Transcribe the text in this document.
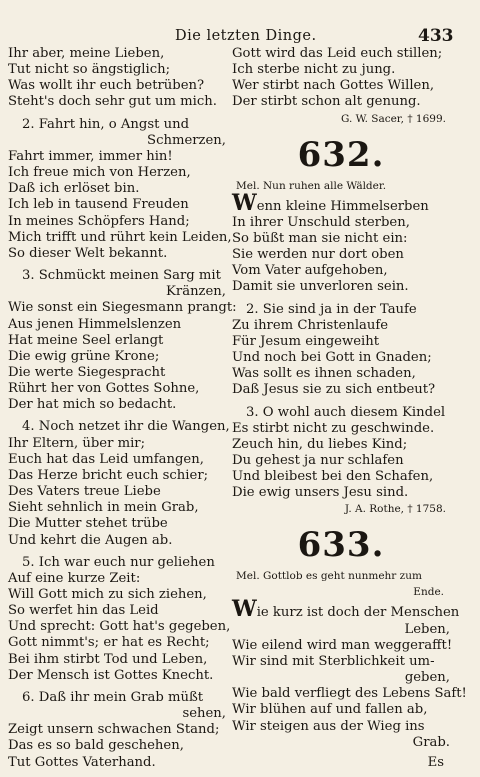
Die letzten Dinge.	433
Ihr aber, meine Lieben,
Tut nicht so ängstiglich;
Was wollt ihr euch betrüben?
Steht's doch sehr gut um mich.
2. Fahrt hin, o Angst und
Schmerzen,
Fahrt immer, immer hin!
Ich freue mich von Herzen,
Daß ich erlöset bin.
Ich leb in tausend Freuden
In meines Schöpfers Hand;
Mich trifft und rührt kein Leiden,
So dieser Welt bekannt.
3. Schmückt meinen Sarg mit
Kränzen,
Wie sonst ein Siegesmann prangt:
Aus jenen Himmelslenzen
Hat meine Seel erlangt
Die ewig grüne Krone;
Die werte Siegespracht
Rührt her von Gottes Sohne,
Der hat mich so bedacht.
4. Noch netzet ihr die Wangen,
Ihr Eltern, über mir;
Euch hat das Leid umfangen,
Das Herze bricht euch schier;
Des Vaters treue Liebe
Sieht sehnlich in mein Grab,
Die Mutter stehet trübe
Und kehrt die Augen ab.
5. Ich war euch nur geliehen
Auf eine kurze Zeit:
Will Gott mich zu sich ziehen,
So werfet hin das Leid
Und sprecht: Gott hat's gegeben,
Gott nimmt's; er hat es Recht;
Bei ihm stirbt Tod und Leben,
Der Mensch ist Gottes Knecht.
6. Daß ihr mein Grab müßt
sehen,
Zeigt unsern schwachen Stand;
Das es so bald geschehen,
Tut Gottes Vaterhand.
Gott wird das Leid euch stillen;
Ich sterbe nicht zu jung.
Wer stirbt nach Gottes Willen,
Der stirbt schon alt genung.
G. W. Sacer, † 1699.
632.
Mel. Nun ruhen alle Wälder.
Wenn kleine Himmelserben
In ihrer Unschuld sterben,
So büßt man sie nicht ein:
Sie werden nur dort oben
Vom Vater aufgehoben,
Damit sie unverloren sein.
2. Sie sind ja in der Taufe
Zu ihrem Christenlaufe
Für Jesum eingeweiht
Und noch bei Gott in Gnaden;
Was sollt es ihnen schaden,
Daß Jesus sie zu sich entbeut?
3. O wohl auch diesem Kindel
Es stirbt nicht zu geschwinde.
Zeuch hin, du liebes Kind;
Du gehest ja nur schlafen
Und bleibest bei den Schafen,
Die ewig unsers Jesu sind.
J. A. Rothe, † 1758.
633.
Mel. Gottlob es geht nunmehr zum
Ende.
Wie kurz ist doch der Menschen
Leben,
Wie eilend wird man weggerafft!
Wir sind mit Sterblichkeit um-
geben,
Wie bald verfliegt des Lebens Saft!
Wir blühen auf und fallen ab,
Wir steigen aus der Wieg ins
Grab.
Es
